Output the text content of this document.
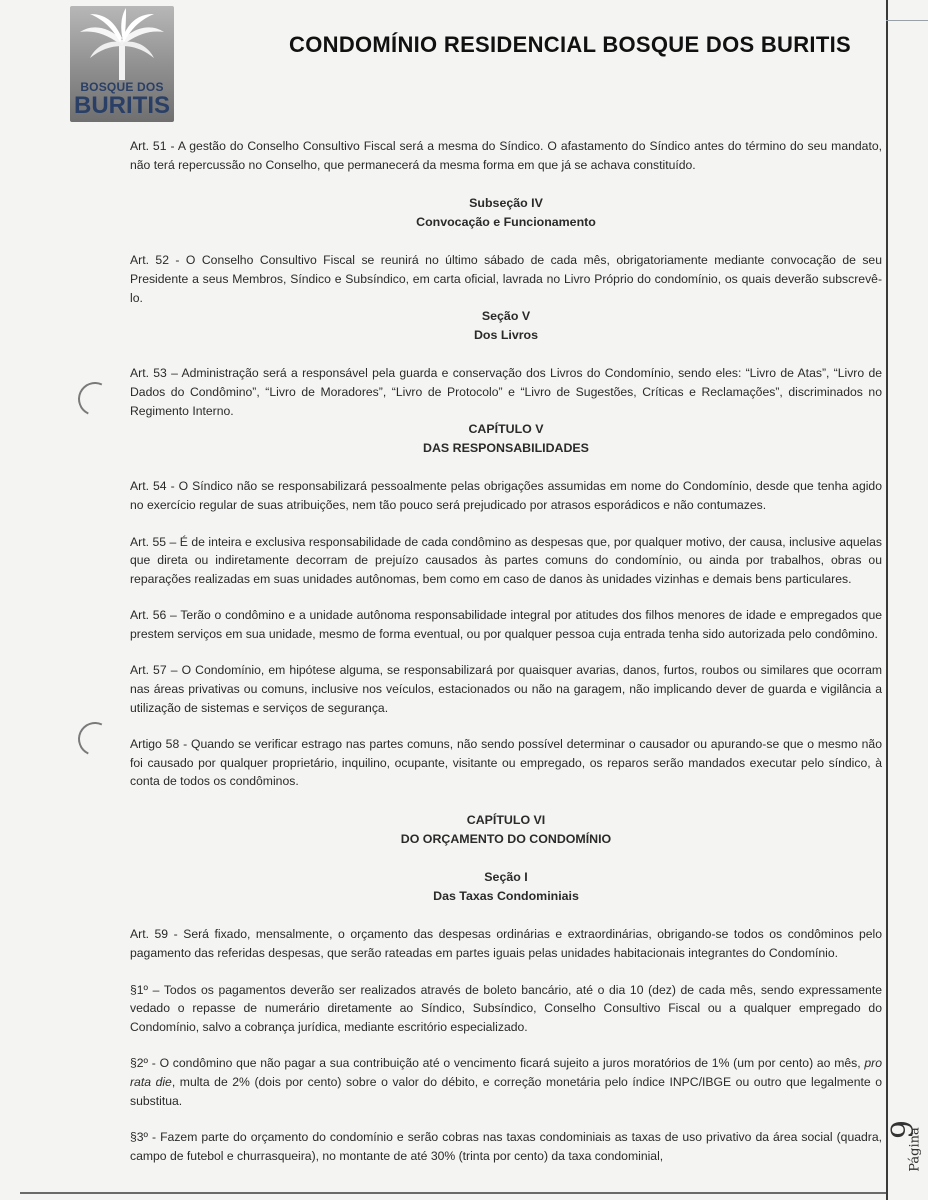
BOSQUE DOS
BURITIS
CONDOMÍNIO RESIDENCIAL BOSQUE DOS BURITIS
Página
9

Art. 51 - A gestão do Conselho Consultivo Fiscal será a mesma do Síndico. O afastamento do Síndico antes do término do seu mandato, não terá repercussão no Conselho, que permanecerá da mesma forma em que já se achava constituído.

Subseção IV

Convocação e Funcionamento

Art. 52 - O Conselho Consultivo Fiscal se reunirá no último sábado de cada mês, obrigatoriamente mediante convocação de seu Presidente a seus Membros, Síndico e Subsíndico, em carta oficial, lavrada no Livro Próprio do condomínio, os quais deverão subscrevê-lo.

Seção V

Dos Livros

Art. 53 – Administração será a responsável pela guarda e conservação dos Livros do Condomínio, sendo eles: “Livro de Atas”, “Livro de Dados do Condômino”, “Livro de Moradores”, “Livro de Protocolo” e “Livro de Sugestões, Críticas e Reclamações”, discriminados no Regimento Interno.

CAPÍTULO V

DAS RESPONSABILIDADES

Art. 54 - O Síndico não se responsabilizará pessoalmente pelas obrigações assumidas em nome do Condomínio, desde que tenha agido no exercício regular de suas atribuições, nem tão pouco será prejudicado por atrasos esporádicos e não contumazes.

Art. 55 – É de inteira e exclusiva responsabilidade de cada condômino as despesas que, por qualquer motivo, der causa, inclusive aquelas que direta ou indiretamente decorram de prejuízo causados às partes comuns do condomínio, ou ainda por trabalhos, obras ou reparações realizadas em suas unidades autônomas, bem como em caso de danos às unidades vizinhas e demais bens particulares.

Art. 56 – Terão o condômino e a unidade autônoma responsabilidade integral por atitudes dos filhos menores de idade e empregados que prestem serviços em sua unidade, mesmo de forma eventual, ou por qualquer pessoa cuja entrada tenha sido autorizada pelo condômino.

Art. 57 – O Condomínio, em hipótese alguma, se responsabilizará por quaisquer avarias, danos, furtos, roubos ou similares que ocorram nas áreas privativas ou comuns, inclusive nos veículos, estacionados ou não na garagem, não implicando dever de guarda e vigilância a utilização de sistemas e serviços de segurança.

Artigo 58 - Quando se verificar estrago nas partes comuns, não sendo possível determinar o causador ou apurando-se que o mesmo não foi causado por qualquer proprietário, inquilino, ocupante, visitante ou empregado, os reparos serão mandados executar pelo síndico, à conta de todos os condôminos.

CAPÍTULO VI

DO ORÇAMENTO DO CONDOMÍNIO

Seção I

Das Taxas Condominiais

Art. 59 - Será fixado, mensalmente, o orçamento das despesas ordinárias e extraordinárias, obrigando-se todos os condôminos pelo pagamento das referidas despesas, que serão rateadas em partes iguais pelas unidades habitacionais integrantes do Condomínio.

§1º – Todos os pagamentos deverão ser realizados através de boleto bancário, até o dia 10 (dez) de cada mês, sendo expressamente vedado o repasse de numerário diretamente ao Síndico, Subsíndico, Conselho Consultivo Fiscal ou a qualquer empregado do Condomínio, salvo a cobrança jurídica, mediante escritório especializado.

§2º - O condômino que não pagar a sua contribuição até o vencimento ficará sujeito a juros moratórios de 1% (um por cento) ao mês, pro rata die, multa de 2% (dois por cento) sobre o valor do débito, e correção monetária pelo índice INPC/IBGE ou outro que legalmente o substitua.

§3º - Fazem parte do orçamento do condomínio e serão cobras nas taxas condominiais as taxas de uso privativo da área social (quadra, campo de futebol e churrasqueira), no montante de até 30% (trinta por cento) da taxa condominial,
